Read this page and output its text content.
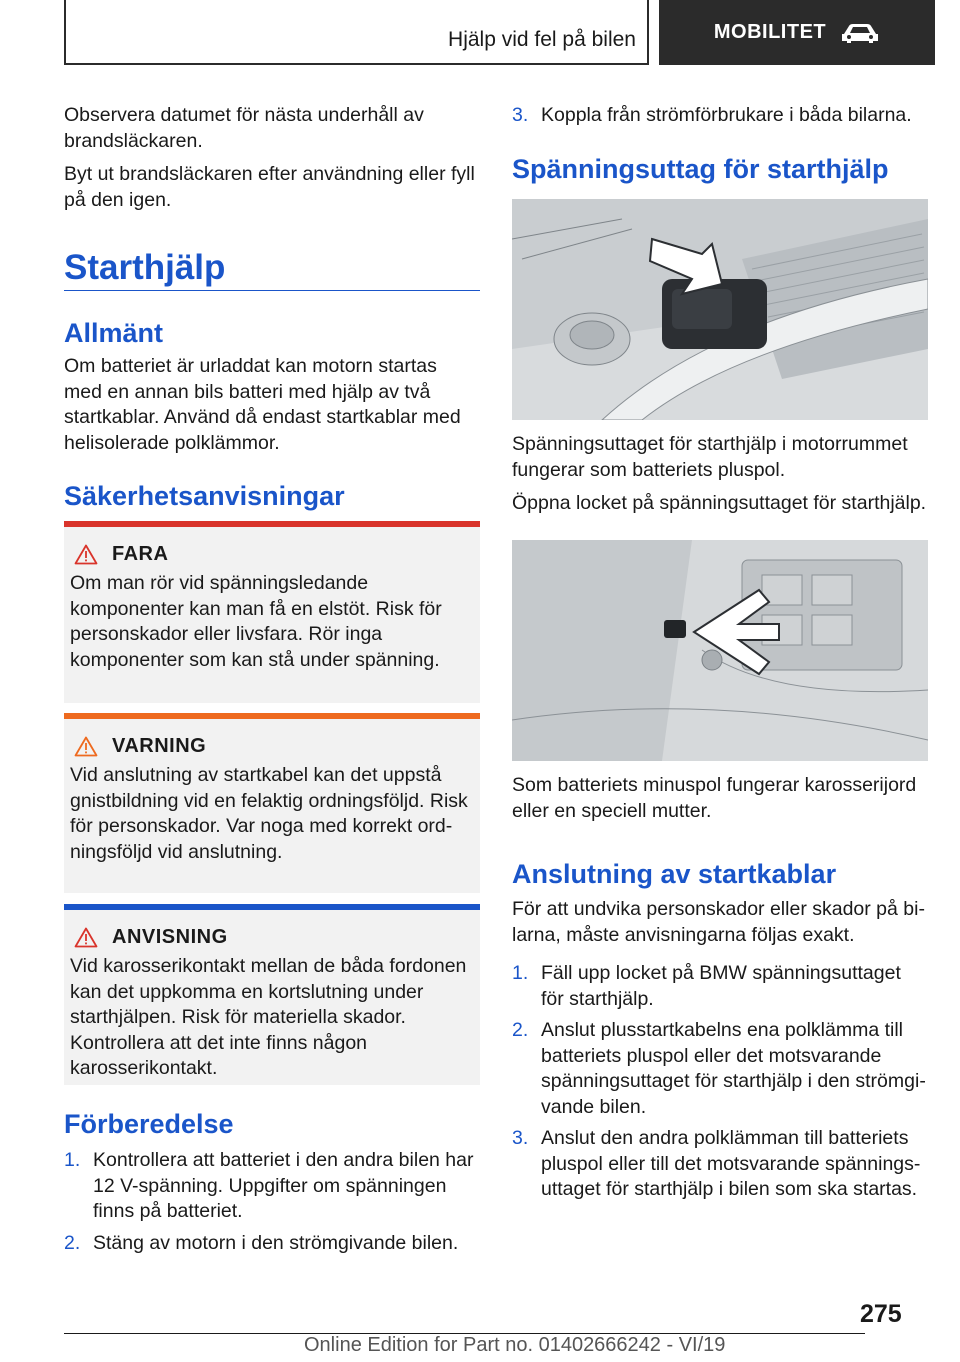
Hjälp vid fel på bilen	MOBILITET

Observera datumet för nästa underhåll av brandsläckaren.

Byt ut brandsläckaren efter användning eller fyll på den igen.

Starthjälp
Allmänt

Om batteriet är urladdat kan motorn startas med en annan bils batteri med hjälp av två startkablar. Använd då endast startkablar med helisolerade polklämmor.

Säkerhetsanvisningar
FARA
Om man rör vid spänningsledande komponenter kan man få en elstöt. Risk för personskador eller livsfara. Rör inga komponenter som kan stå under spänning.
VARNING
Vid anslutning av startkabel kan det uppstå gnistbildning vid en felaktig ordningsföljd. Risk för personskador. Var noga med korrekt ordningsföljd vid anslutning.
ANVISNING
Vid karosserikontakt mellan de båda fordonen kan det uppkomma en kortslutning under starthjälpen. Risk för materiella skador. Kontrollera att det inte finns någon karosserikontakt.
Förberedelse
1. Kontrollera att batteriet i den andra bilen har 12 V-spänning. Uppgifter om spänningen finns på batteriet.
2. Stäng av motorn i den strömgivande bilen.
3. Koppla från strömförbrukare i båda bilarna.
Spänningsuttag för starthjälp

Spänningsuttaget för starthjälp i motorrummet fungerar som batteriets pluspol.

Öppna locket på spänningsuttaget för starthjälp.

Som batteriets minuspol fungerar karosserijord eller en speciell mutter.

Anslutning av startkablar

För att undvika personskador eller skador på bilarna, måste anvisningarna följas exakt.

1. Fäll upp locket på BMW spänningsuttaget för starthjälp.
2. Anslut plusstartkabelns ena polklämma till batteriets pluspol eller det motsvarande spänningsuttaget för starthjälp i den strömgivande bilen.
3. Anslut den andra polklämman till batteriets pluspol eller till det motsvarande spänningsuttaget för starthjälp i bilen som ska startas.
275
Online Edition for Part no. 01402666242 - VI/19
